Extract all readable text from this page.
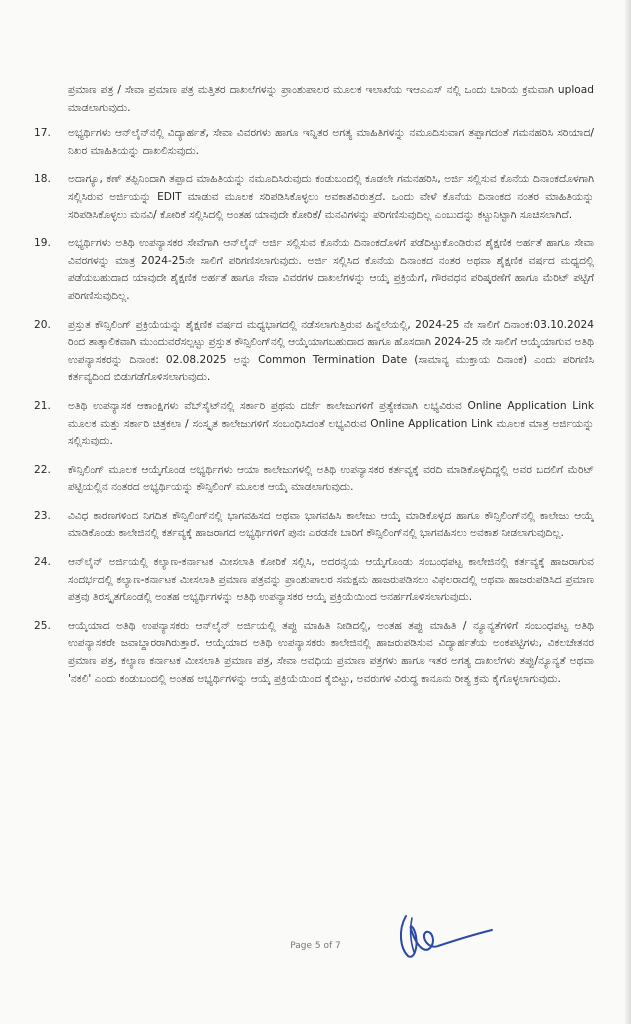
ಪ್ರಮಾಣ ಪತ್ರ / ಸೇವಾ ಪ್ರಮಾಣ ಪತ್ರ ಮತ್ತಿತರ ದಾಖಲೆಗಳನ್ನು ಪ್ರಾಂಶುಪಾಲರ ಮೂಲಕ ಇಲಾಖೆಯ ಇಆಎಎಸ್ ನಲ್ಲಿ ಒಂದು ಬಾರಿಯ ಕ್ರಮವಾಗಿ upload ಮಾಡಲಾಗುವುದು.
17.	ಅಭ್ಯರ್ಥಿಗಳು ಆನ್‌ಲೈನ್‌ನಲ್ಲಿ ವಿದ್ಯಾರ್ಹತೆ, ಸೇವಾ ವಿವರಗಳು ಹಾಗೂ ಇನ್ನಿತರ ಅಗತ್ಯ ಮಾಹಿತಿಗಳನ್ನು ನಮೂದಿಸುವಾಗ ತಪ್ಪಾಗದಂತೆ ಗಮನಹರಿಸಿ ಸರಿಯಾದ/ ನಿಖರ ಮಾಹಿತಿಯನ್ನು ದಾಖಲಿಸುವುದು.
18.	ಅದಾಗ್ಯೂ, ಕಣ್ ತಪ್ಪಿನಿಂದಾಗಿ ತಪ್ಪಾದ ಮಾಹಿತಿಯನ್ನು ನಮೂದಿಸಿರುವುದು ಕಂಡುಬಂದಲ್ಲಿ ಕೂಡಲೇ ಗಮನಹರಿಸಿ, ಅರ್ಜಿ ಸಲ್ಲಿಸುವ ಕೊನೆಯ ದಿನಾಂಕದೊಳಗಾಗಿ ಸಲ್ಲಿಸಿರುವ ಅರ್ಜಿಯನ್ನು EDIT ಮಾಡುವ ಮೂಲಕ ಸರಿಪಡಿಸಿಕೊಳ್ಳಲು ಅವಕಾಶವಿರುತ್ತದೆ. ಒಂದು ವೇಳೆ ಕೊನೆಯ ದಿನಾಂಕದ ನಂತರ ಮಾಹಿತಿಯನ್ನು ಸರಿಪಡಿಸಿಕೊಳ್ಳಲು ಮನವಿ/ ಕೋರಿಕೆ ಸಲ್ಲಿಸಿದಲ್ಲಿ ಅಂತಹ ಯಾವುದೇ ಕೋರಿಕೆ/ ಮನವಿಗಳನ್ನು ಪರಿಗಣಿಸುವುದಿಲ್ಲ ಎಂಬುದನ್ನು ಕಟ್ಟುನಿಟ್ಟಾಗಿ ಸೂಚಿಸಲಾಗಿದೆ.
19.	ಅಭ್ಯರ್ಥಿಗಳು ಅತಿಥಿ ಉಪನ್ಯಾಸಕರ ಸೇವೆಗಾಗಿ ಆನ್‌ಲೈನ್ ಅರ್ಜಿ ಸಲ್ಲಿಸುವ ಕೊನೆಯ ದಿನಾಂಕದೊಳಗೆ ಪಡೆದಿಟ್ಟುಕೊಂಡಿರುವ ಶೈಕ್ಷಣಿಕ ಅರ್ಹತೆ ಹಾಗೂ ಸೇವಾ ವಿವರಗಳನ್ನು ಮಾತ್ರ 2024-25ನೇ ಸಾಲಿಗೆ ಪರಿಗಣಿಸಲಾಗುವುದು. ಅರ್ಜಿ ಸಲ್ಲಿಸಿದ ಕೊನೆಯ ದಿನಾಂಕದ ನಂತರ ಅಥವಾ ಶೈಕ್ಷಣಿಕ ವರ್ಷದ ಮಧ್ಯದಲ್ಲಿ ಪಡೆಯಬಹುದಾದ ಯಾವುದೇ ಶೈಕ್ಷಣಿಕ ಅರ್ಹತೆ ಹಾಗೂ ಸೇವಾ ವಿವರಗಳ ದಾಖಲೆಗಳನ್ನು ಆಯ್ಕೆ ಪ್ರಕ್ರಿಯೆಗೆ, ಗೌರವಧನ ಪರಿಷ್ಕರಣೆಗೆ ಹಾಗೂ ಮೆರಿಟ್ ಪಟ್ಟಿಗೆ ಪರಿಗಣಿಸುವುದಿಲ್ಲ.
20.	ಪ್ರಸ್ತುತ ಕೌನ್ಸಿಲಿಂಗ್ ಪ್ರಕ್ರಿಯೆಯನ್ನು ಶೈಕ್ಷಣಿಕ ವರ್ಷದ ಮಧ್ಯಭಾಗದಲ್ಲಿ ನಡೆಸಲಾಗುತ್ತಿರುವ ಹಿನ್ನೆಲೆಯಲ್ಲಿ, 2024-25 ನೇ ಸಾಲಿಗೆ ದಿನಾಂಕ:03.10.2024 ರಿಂದ ತಾತ್ಕಾಲಿಕವಾಗಿ ಮುಂದುವರೆಸಲ್ಪಟ್ಟು ಪ್ರಸ್ತುತ ಕೌನ್ಸಿಲಿಂಗ್‌ನಲ್ಲಿ ಆಯ್ಕೆಯಾಗಬಹುದಾದ ಹಾಗೂ ಹೊಸದಾಗಿ 2024-25 ನೇ ಸಾಲಿಗೆ ಆಯ್ಕೆಯಾಗುವ ಅತಿಥಿ ಉಪನ್ಯಾಸಕರನ್ನು ದಿನಾಂಕ: 02.08.2025 ಅನ್ನು Common Termination Date (ಸಾಮಾನ್ಯ ಮುಕ್ತಾಯ ದಿನಾಂಕ) ಎಂದು ಪರಿಗಣಿಸಿ ಕರ್ತವ್ಯದಿಂದ ಬಿಡುಗಡೆಗೊಳಿಸಲಾಗುವುದು.
21.	ಅತಿಥಿ ಉಪನ್ಯಾಸಕ ಆಕಾಂಕ್ಷಿಗಳು ವೆಬ್‌ಸೈಟ್‌ನಲ್ಲಿ ಸರ್ಕಾರಿ ಪ್ರಥಮ ದರ್ಜೆ ಕಾಲೇಜುಗಳಿಗೆ ಪ್ರತ್ಯೇಕವಾಗಿ ಲಭ್ಯವಿರುವ Online Application Link ಮೂಲಕ ಮತ್ತು ಸರ್ಕಾರಿ ಚಿತ್ರಕಲಾ / ಸಂಸ್ಕೃತ ಕಾಲೇಜುಗಳಿಗೆ ಸಂಬಂಧಿಸಿದಂತೆ ಲಭ್ಯವಿರುವ Online Application Link ಮೂಲಕ ಮಾತ್ರ ಅರ್ಜಿಯನ್ನು ಸಲ್ಲಿಸುವುದು.
22.	ಕೌನ್ಸಿಲಿಂಗ್ ಮೂಲಕ ಆಯ್ಕೆಗೊಂಡ ಅಭ್ಯರ್ಥಿಗಳು ಆಯಾ ಕಾಲೇಜುಗಳಲ್ಲಿ ಅತಿಥಿ ಉಪನ್ಯಾಸಕರ ಕರ್ತವ್ಯಕ್ಕೆ ವರದಿ ಮಾಡಿಕೊಳ್ಳದಿದ್ದಲ್ಲಿ ಅವರ ಬದಲಿಗೆ ಮೆರಿಟ್ ಪಟ್ಟಿಯಲ್ಲಿನ ನಂತರದ ಅಭ್ಯರ್ಥಿಯನ್ನು ಕೌನ್ಸಿಲಿಂಗ್ ಮೂಲಕ ಆಯ್ಕೆ ಮಾಡಲಾಗುವುದು.
23.	ವಿವಿಧ ಕಾರಣಗಳಿಂದ ನಿಗದಿತ ಕೌನ್ಸಿಲಿಂಗ್‌ನಲ್ಲಿ ಭಾಗವಹಿಸದ ಅಥವಾ ಭಾಗವಹಿಸಿ ಕಾಲೇಜು ಆಯ್ಕೆ ಮಾಡಿಕೊಳ್ಳದ ಹಾಗೂ ಕೌನ್ಸಿಲಿಂಗ್‌ನಲ್ಲಿ ಕಾಲೇಜು ಆಯ್ಕೆ ಮಾಡಿಕೊಂಡು ಕಾಲೇಜಿನಲ್ಲಿ ಕರ್ತವ್ಯಕ್ಕೆ ಹಾಜರಾಗದ ಅಭ್ಯರ್ಥಿಗಳಿಗೆ ಪುನಃ ಎರಡನೇ ಬಾರಿಗೆ ಕೌನ್ಸಿಲಿಂಗ್‌ನಲ್ಲಿ ಭಾಗವಹಿಸಲು ಅವಕಾಶ ನೀಡಲಾಗುವುದಿಲ್ಲ.
24.	ಆನ್‌ಲೈನ್ ಅರ್ಜಿಯಲ್ಲಿ ಕಲ್ಯಾಣ-ಕರ್ನಾಟಕ ಮೀಸಲಾತಿ ಕೋರಿಕೆ ಸಲ್ಲಿಸಿ, ಅದರನ್ವಯ ಆಯ್ಕೆಗೊಂಡು ಸಂಬಂಧಪಟ್ಟ ಕಾಲೇಜಿನಲ್ಲಿ ಕರ್ತವ್ಯಕ್ಕೆ ಹಾಜರಾಗುವ ಸಂದರ್ಭದಲ್ಲಿ ಕಲ್ಯಾಣ-ಕರ್ನಾಟಕ ಮೀಸಲಾತಿ ಪ್ರಮಾಣ ಪತ್ರವನ್ನು ಪ್ರಾಂಶುಪಾಲರ ಸಮಕ್ಷಮ ಹಾಜರುಪಡಿಸಲು ವಿಫಲರಾದಲ್ಲಿ ಅಥವಾ ಹಾಜರುಪಡಿಸಿದ ಪ್ರಮಾಣ ಪತ್ರವು ತಿರಸ್ಕೃತಗೊಂಡಲ್ಲಿ ಅಂತಹ ಅಭ್ಯರ್ಥಿಗಳನ್ನು ಅತಿಥಿ ಉಪನ್ಯಾಸಕರ ಆಯ್ಕೆ ಪ್ರಕ್ರಿಯೆಯಿಂದ ಅನರ್ಹಗೊಳಿಸಲಾಗುವುದು.
25.	ಆಯ್ಕೆಯಾದ ಅತಿಥಿ ಉಪನ್ಯಾಸಕರು ಆನ್‌ಲೈನ್ ಅರ್ಜಿಯಲ್ಲಿ ತಪ್ಪು ಮಾಹಿತಿ ನೀಡಿದಲ್ಲಿ, ಅಂತಹ ತಪ್ಪು ಮಾಹಿತಿ / ನ್ಯೂನ್ಯತೆಗಳಿಗೆ ಸಂಬಂಧಪಟ್ಟ ಅತಿಥಿ ಉಪನ್ಯಾಸಕರೇ ಜವಾಬ್ದಾರರಾಗಿರುತ್ತಾರೆ. ಆಯ್ಕೆಯಾದ ಅತಿಥಿ ಉಪನ್ಯಾಸಕರು ಕಾಲೇಜಿನಲ್ಲಿ ಹಾಜರುಪಡಿಸುವ ವಿದ್ಯಾರ್ಹತೆಯ ಅಂಕಪಟ್ಟಿಗಳು, ವಿಕಲಚೇತನರ ಪ್ರಮಾಣ ಪತ್ರ, ಕಲ್ಯಾಣ ಕರ್ನಾಟಕ ಮೀಸಲಾತಿ ಪ್ರಮಾಣ ಪತ್ರ, ಸೇವಾ ಅವಧಿಯ ಪ್ರಮಾಣ ಪತ್ರಗಳು ಹಾಗೂ ಇತರ ಅಗತ್ಯ ದಾಖಲೆಗಳು ತಪ್ಪು/ನ್ಯೂನ್ಯತೆ ಅಥವಾ 'ನಕಲಿ' ಎಂದು ಕಂಡುಬಂದಲ್ಲಿ ಅಂತಹ ಅಭ್ಯರ್ಥಿಗಳನ್ನು ಆಯ್ಕೆ ಪ್ರಕ್ರಿಯೆಯಿಂದ ಕೈಬಿಟ್ಟು, ಅವರುಗಳ ವಿರುದ್ಧ ಕಾನೂನು ರೀತ್ಯ ಕ್ರಮ ಕೈಗೊಳ್ಳಲಾಗುವುದು.
Page 5 of 7
